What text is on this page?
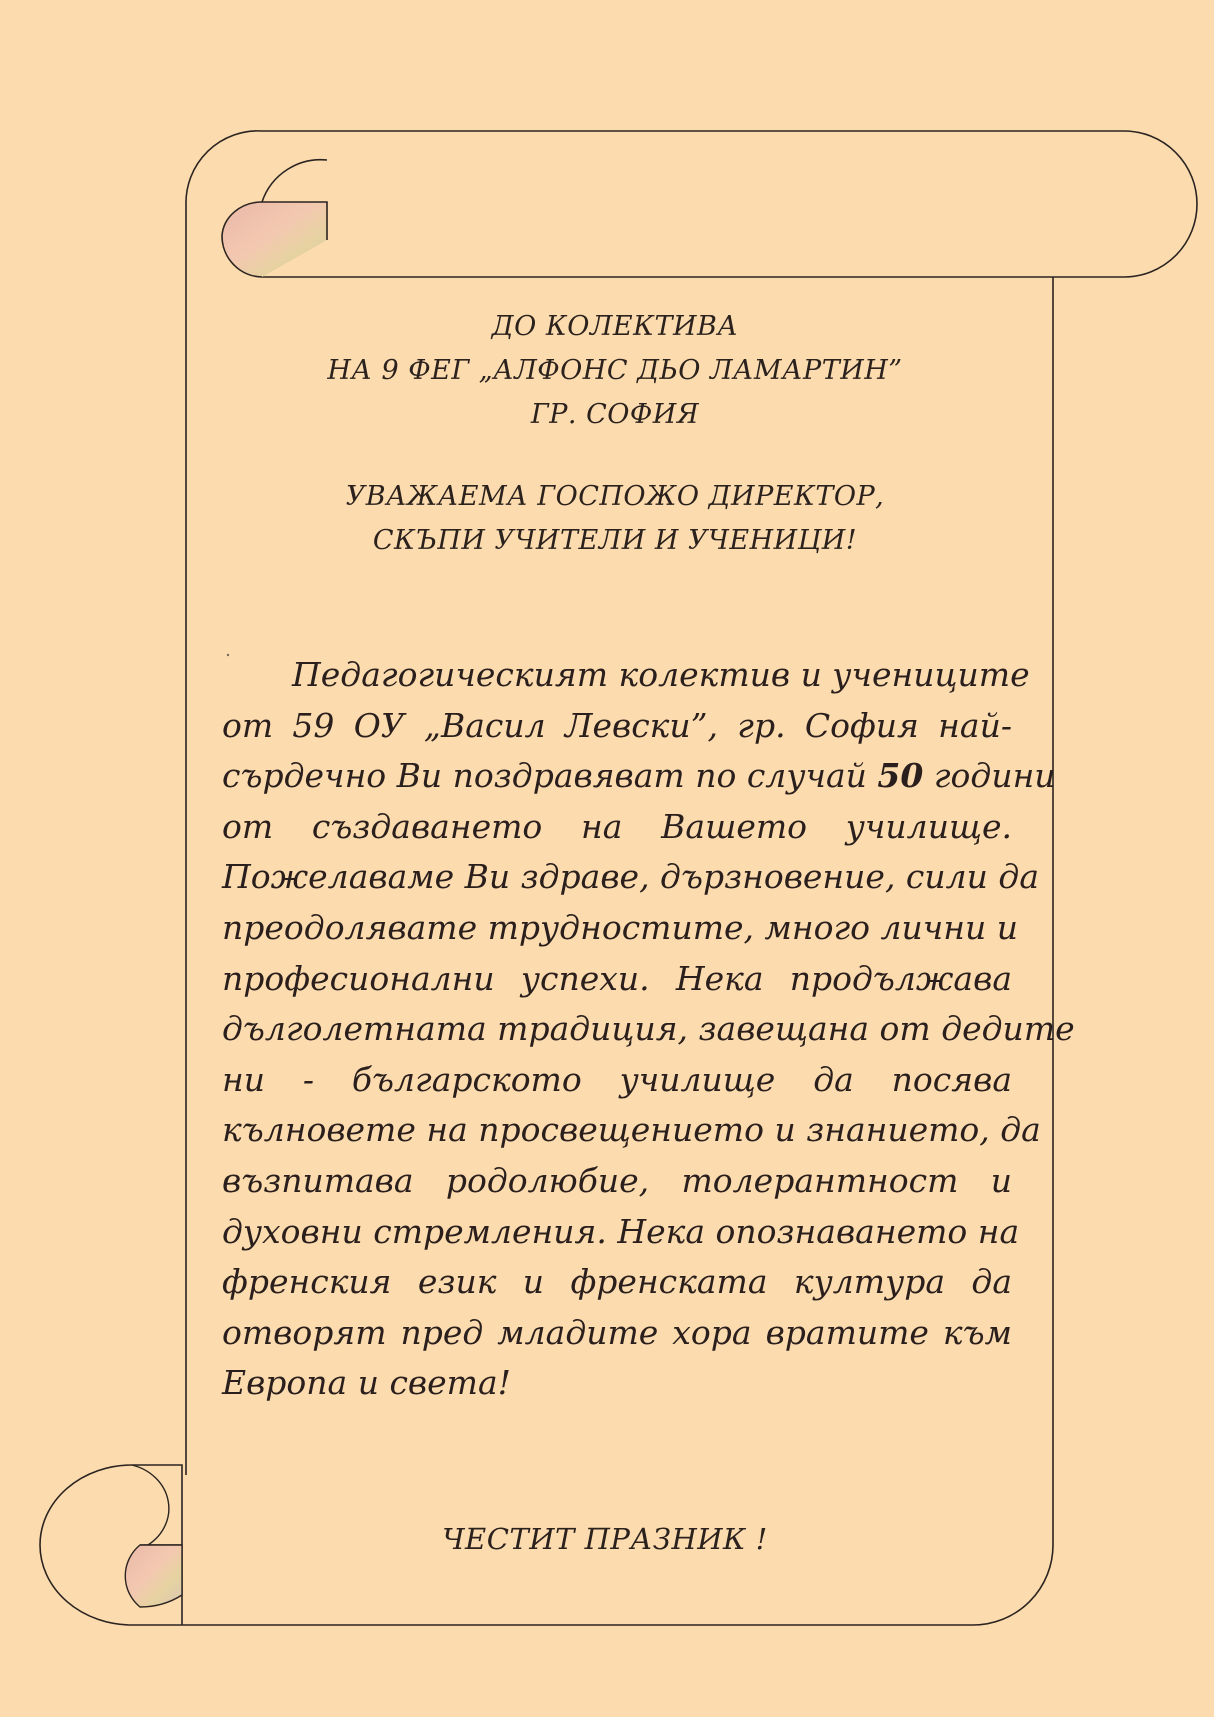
ДО КОЛЕКТИВА
НА 9 ФЕГ „АЛФОНС ДЬО ЛАМАРТИН”
ГР. СОФИЯ
УВАЖАЕМА ГОСПОЖО ДИРЕКТОР,
СКЪПИ УЧИТЕЛИ И УЧЕНИЦИ!
Педагогическият колектив и учениците
от 59 ОУ „Васил Левски”, гр. София най-
сърдечно Ви поздравяват по случай 50 години
от създаването на Вашето училище.
Пожелаваме Ви здраве, дързновение, сили да
преодолявате трудностите, много лични и
професионални успехи. Нека продължава
дълголетната традиция, завещана от дедите
ни - българското училище да посява
кълновете на просвещението и знанието, да
възпитава родолюбие, толерантност и
духовни стремления. Нека опознаването на
френския език и френската култура да
отворят пред младите хора вратите към
Европа и света!
ЧЕСТИТ ПРАЗНИК !
